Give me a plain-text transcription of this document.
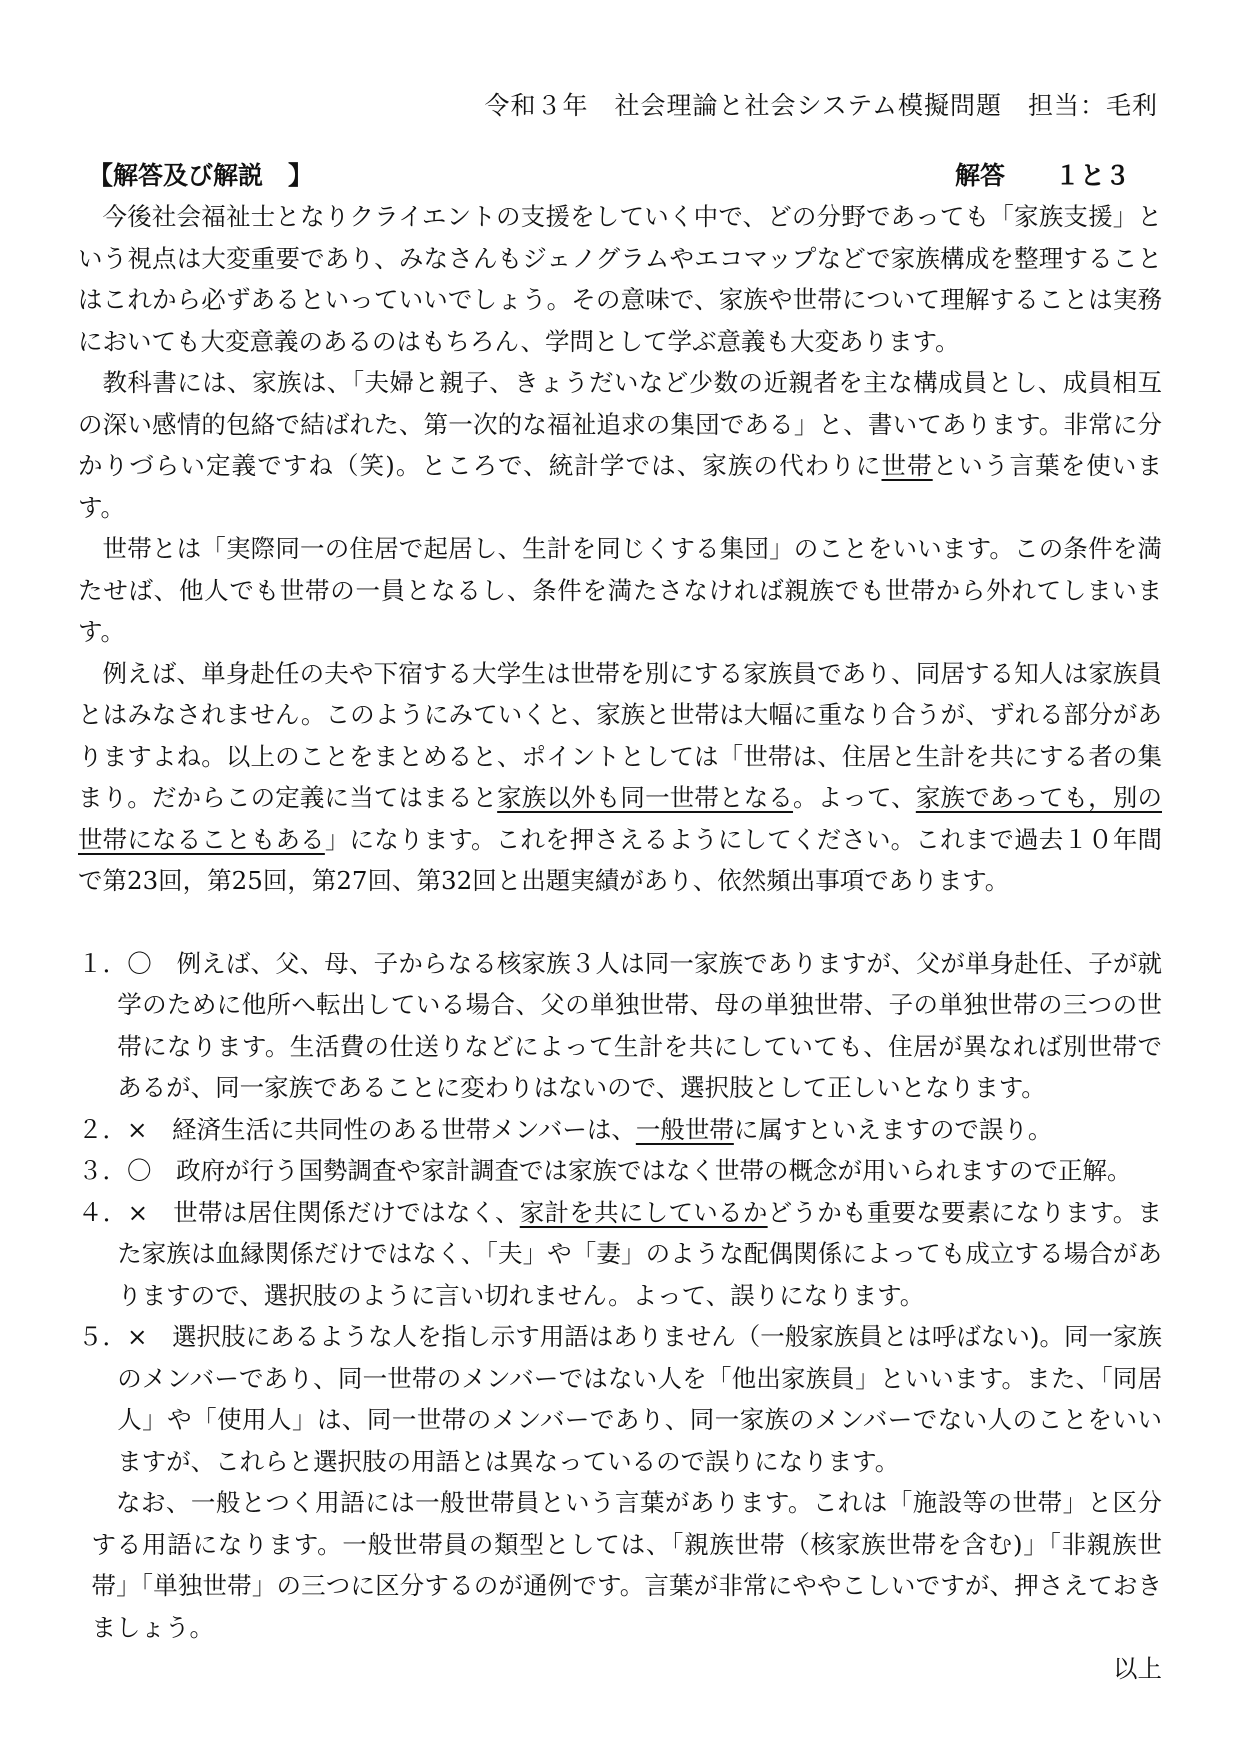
令和３年　社会理論と社会システム模擬問題　担当：毛利
【解答及び解説　】	解答　　１と３

今後社会福祉士となりクライエントの支援をしていく中で、どの分野であっても「家族支援」という視点は大変重要であり、みなさんもジェノグラムやエコマップなどで家族構成を整理することはこれから必ずあるといっていいでしょう。その意味で、家族や世帯について理解することは実務においても大変意義のあるのはもちろん、学問として学ぶ意義も大変あります。

教科書には、家族は、「夫婦と親子、きょうだいなど少数の近親者を主な構成員とし、成員相互の深い感情的包絡で結ばれた、第一次的な福祉追求の集団である」と、書いてあります。非常に分かりづらい定義ですね（笑)。ところで、統計学では、家族の代わりに世帯という言葉を使います。

世帯とは「実際同一の住居で起居し、生計を同じくする集団」のことをいいます。この条件を満たせば、他人でも世帯の一員となるし、条件を満たさなければ親族でも世帯から外れてしまいます。

例えば、単身赴任の夫や下宿する大学生は世帯を別にする家族員であり、同居する知人は家族員とはみなされません。このようにみていくと、家族と世帯は大幅に重なり合うが、ずれる部分がありますよね。以上のことをまとめると、ポイントとしては「世帯は、住居と生計を共にする者の集まり。だからこの定義に当てはまると家族以外も同一世帯となる。よって、家族であっても，別の世帯になることもある」になります。これを押さえるようにしてください。これまで過去１０年間で第23回，第25回，第27回、第32回と出題実績があり、依然頻出事項であります。

１．〇　例えば、父、母、子からなる核家族３人は同一家族でありますが、父が単身赴任、子が就学のために他所へ転出している場合、父の単独世帯、母の単独世帯、子の単独世帯の三つの世帯になります。生活費の仕送りなどによって生計を共にしていても、住居が異なれば別世帯であるが、同一家族であることに変わりはないので、選択肢として正しいとなります。
２．×　経済生活に共同性のある世帯メンバーは、一般世帯に属すといえますので誤り。
３．〇　政府が行う国勢調査や家計調査では家族ではなく世帯の概念が用いられますので正解。
４．×　世帯は居住関係だけではなく、家計を共にしているかどうかも重要な要素になります。また家族は血縁関係だけではなく、「夫」や「妻」のような配偶関係によっても成立する場合がありますので、選択肢のように言い切れません。よって、誤りになります。
５．×　選択肢にあるような人を指し示す用語はありません（一般家族員とは呼ばない)。同一家族のメンバーであり、同一世帯のメンバーではない人を「他出家族員」といいます。また、「同居人」や「使用人」は、同一世帯のメンバーであり、同一家族のメンバーでない人のことをいいますが、これらと選択肢の用語とは異なっているので誤りになります。

なお、一般とつく用語には一般世帯員という言葉があります。これは「施設等の世帯」と区分する用語になります。一般世帯員の類型としては、「親族世帯（核家族世帯を含む)」「非親族世帯」「単独世帯」の三つに区分するのが通例です。言葉が非常にややこしいですが、押さえておきましょう。

以上
